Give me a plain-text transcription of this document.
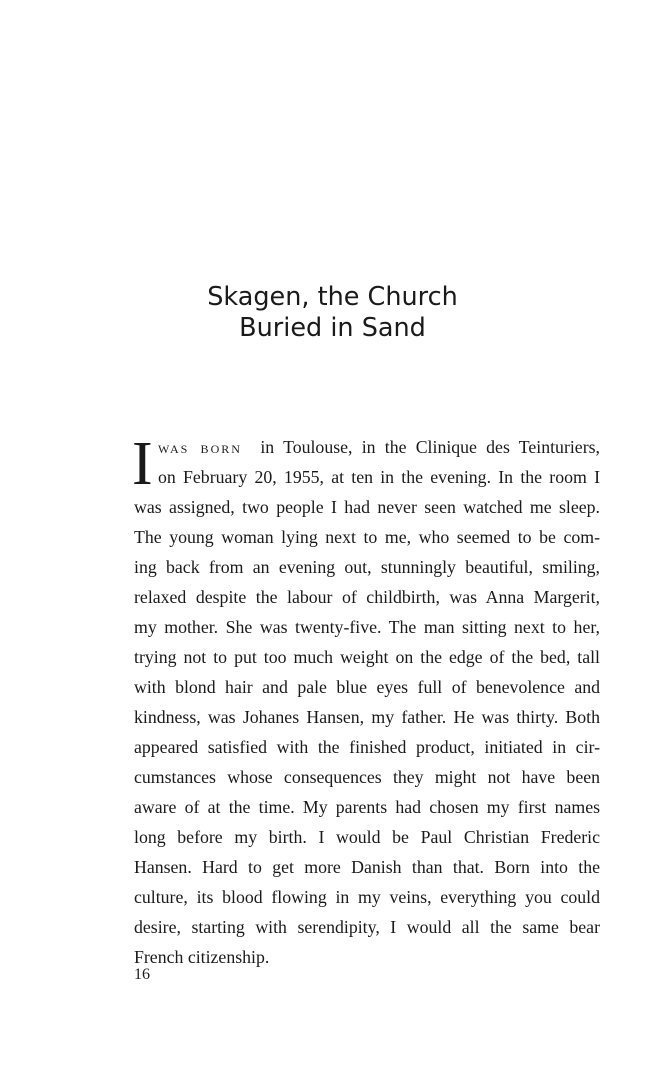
Skagen, the Church
Buried in Sand
I was born in Toulouse, in the Clinique des Teinturiers,
on February 20, 1955, at ten in the evening. In the room I
was assigned, two people I had never seen watched me sleep.
The young woman lying next to me, who seemed to be com-
ing back from an evening out, stunningly beautiful, smiling,
relaxed despite the labour of childbirth, was Anna Margerit,
my mother. She was twenty-five. The man sitting next to her,
trying not to put too much weight on the edge of the bed, tall
with blond hair and pale blue eyes full of benevolence and
kindness, was Johanes Hansen, my father. He was thirty. Both
appeared satisfied with the finished product, initiated in cir-
cumstances whose consequences they might not have been
aware of at the time. My parents had chosen my first names
long before my birth. I would be Paul Christian Frederic
Hansen. Hard to get more Danish than that. Born into the
culture, its blood flowing in my veins, everything you could
desire, starting with serendipity, I would all the same bear
French citizenship.
16
